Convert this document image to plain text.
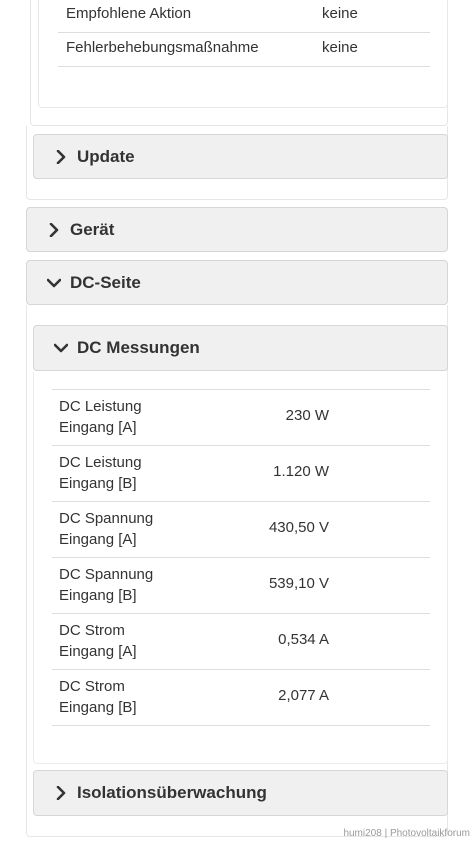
Empfohlene Aktion	keine
Fehlerbehebungsmaßnahme	keine
Update
Gerät
DC-Seite
DC Messungen
DC Leistung
Eingang [A]
230 W
DC Leistung
Eingang [B]
1.120 W
DC Spannung
Eingang [A]
430,50 V
DC Spannung
Eingang [B]
539,10 V
DC Strom
Eingang [A]
0,534 A
DC Strom
Eingang [B]
2,077 A
Isolationsüberwachung
humi208 | Photovoltaikforum
